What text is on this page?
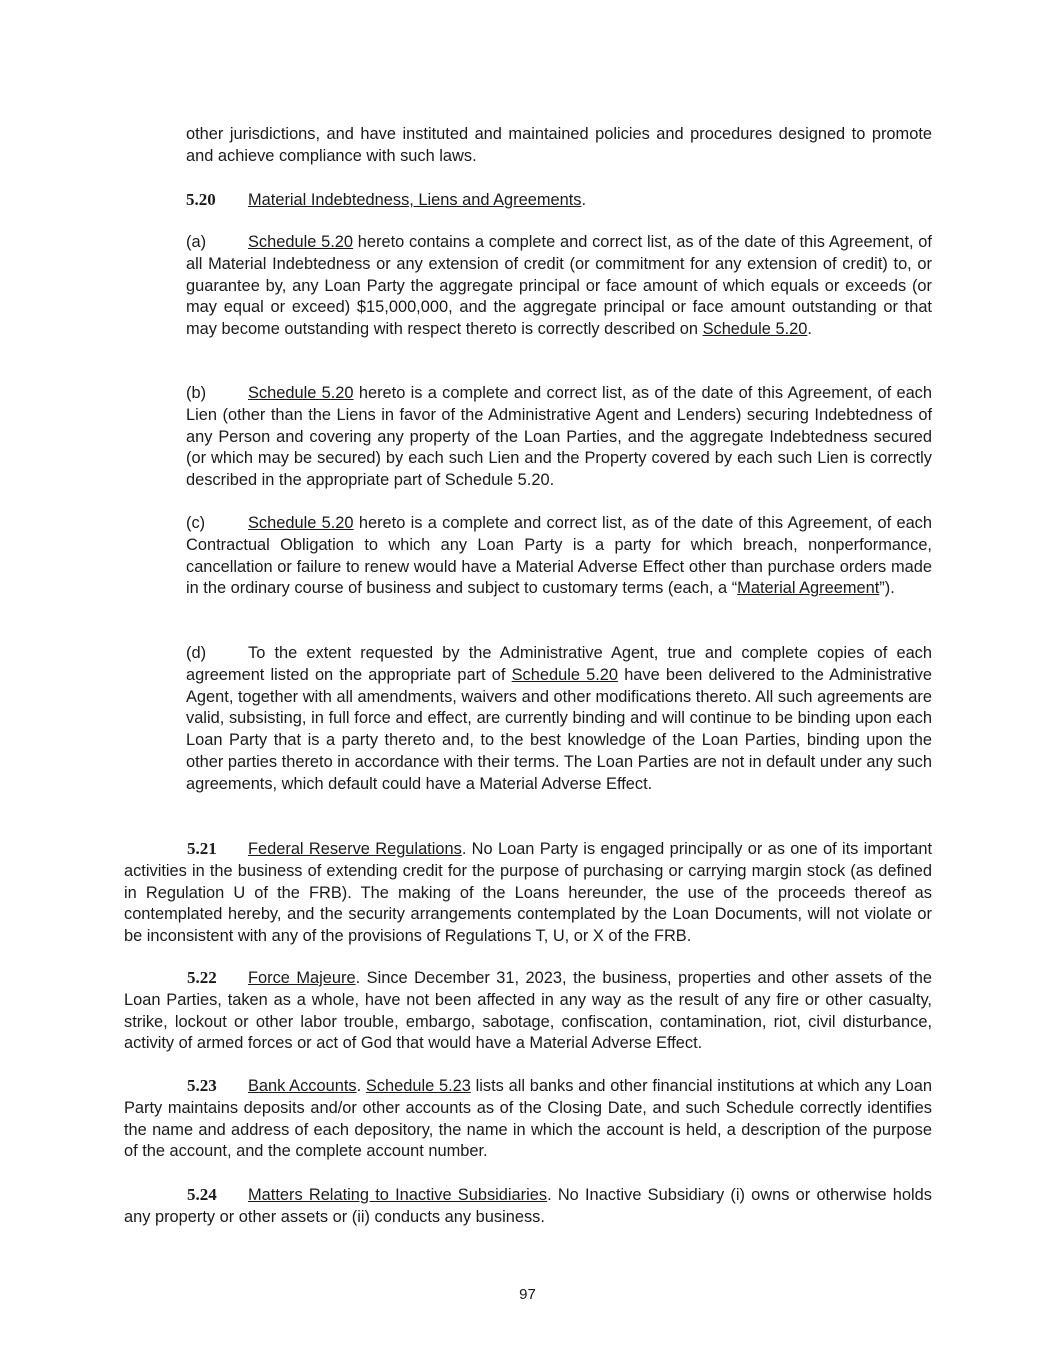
other jurisdictions, and have instituted and maintained policies and procedures designed to promote and achieve compliance with such laws.

5.20 Material Indebtedness, Liens and Agreements.

(a)	Schedule 5.20 hereto contains a complete and correct list, as of the date of this Agreement, of all Material Indebtedness or any extension of credit (or commitment for any extension of credit) to, or guarantee by, any Loan Party the aggregate principal or face amount of which equals or exceeds (or may equal or exceed) $15,000,000, and the aggregate principal or face amount outstanding or that may become outstanding with respect thereto is correctly described on Schedule 5.20.

(b)	Schedule 5.20 hereto is a complete and correct list, as of the date of this Agreement, of each Lien (other than the Liens in favor of the Administrative Agent and Lenders) securing Indebtedness of any Person and covering any property of the Loan Parties, and the aggregate Indebtedness secured (or which may be secured) by each such Lien and the Property covered by each such Lien is correctly described in the appropriate part of Schedule 5.20.

(c)	Schedule 5.20 hereto is a complete and correct list, as of the date of this Agreement, of each Contractual Obligation to which any Loan Party is a party for which breach, nonperformance, cancellation or failure to renew would have a Material Adverse Effect other than purchase orders made in the ordinary course of business and subject to customary terms (each, a “Material Agreement”).

(d)	To the extent requested by the Administrative Agent, true and complete copies of each agreement listed on the appropriate part of Schedule 5.20 have been delivered to the Administrative Agent, together with all amendments, waivers and other modifications thereto. All such agreements are valid, subsisting, in full force and effect, are currently binding and will continue to be binding upon each Loan Party that is a party thereto and, to the best knowledge of the Loan Parties, binding upon the other parties thereto in accordance with their terms. The Loan Parties are not in default under any such agreements, which default could have a Material Adverse Effect.

5.21 Federal Reserve Regulations. No Loan Party is engaged principally or as one of its important activities in the business of extending credit for the purpose of purchasing or carrying margin stock (as defined in Regulation U of the FRB). The making of the Loans hereunder, the use of the proceeds thereof as contemplated hereby, and the security arrangements contemplated by the Loan Documents, will not violate or be inconsistent with any of the provisions of Regulations T, U, or X of the FRB.

5.22 Force Majeure. Since December 31, 2023, the business, properties and other assets of the Loan Parties, taken as a whole, have not been affected in any way as the result of any fire or other casualty, strike, lockout or other labor trouble, embargo, sabotage, confiscation, contamination, riot, civil disturbance, activity of armed forces or act of God that would have a Material Adverse Effect.

5.23 Bank Accounts. Schedule 5.23 lists all banks and other financial institutions at which any Loan Party maintains deposits and/or other accounts as of the Closing Date, and such Schedule correctly identifies the name and address of each depository, the name in which the account is held, a description of the purpose of the account, and the complete account number.

5.24 Matters Relating to Inactive Subsidiaries. No Inactive Subsidiary (i) owns or otherwise holds any property or other assets or (ii) conducts any business.

97
